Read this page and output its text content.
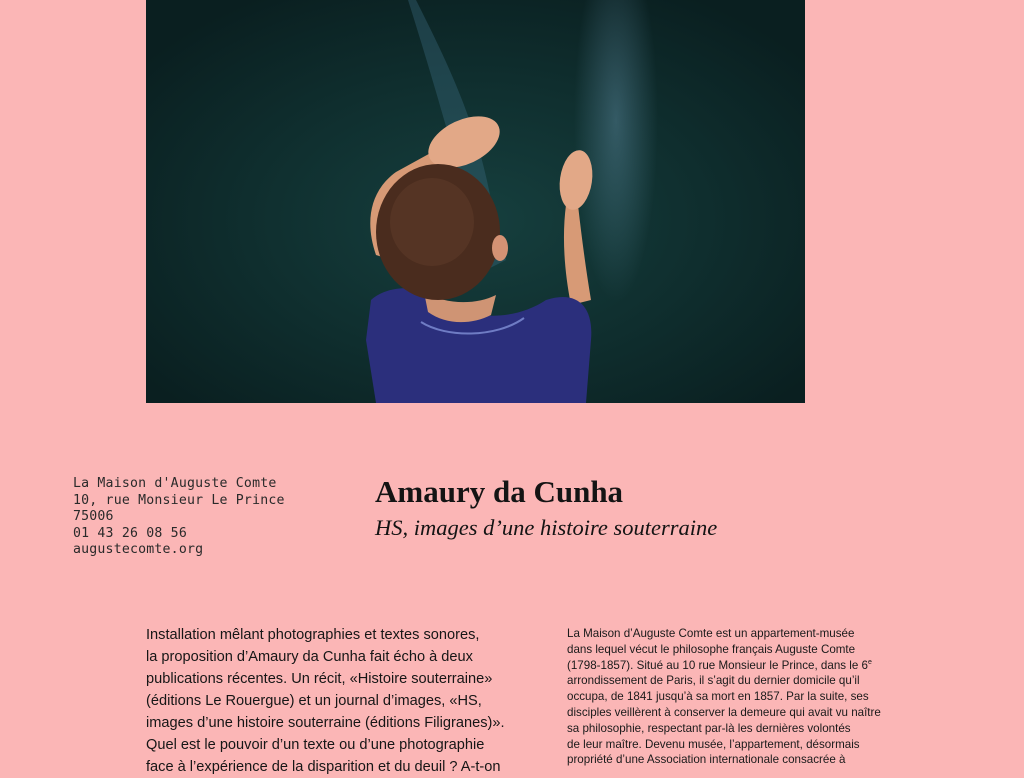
La Maison d'Auguste Comte
10, rue Monsieur Le Prince
75006
01 43 26 08 56
augustecomte.org
Amaury da Cunha
HS, images d’une histoire souterraine
Installation mêlant photographies et textes sonores,
la proposition d’Amaury da Cunha fait écho à deux
publications récentes. Un récit, «Histoire souterraine»
(éditions Le Rouergue) et un journal d’images, «HS,
images d’une histoire souterraine (éditions Filigranes)».
Quel est le pouvoir d’un texte ou d’une photographie
face à l’expérience de la disparition et du deuil ? A-t-on
La Maison d’Auguste Comte est un appartement-musée
dans lequel vécut le philosophe français Auguste Comte
(1798-1857). Situé au 10 rue Monsieur le Prince, dans le 6e
arrondissement de Paris, il s’agit du dernier domicile qu’il
occupa, de 1841 jusqu’à sa mort en 1857. Par la suite, ses
disciples veillèrent à conserver la demeure qui avait vu naître
sa philosophie, respectant par-là les dernières volontés
de leur maître. Devenu musée, l’appartement, désormais
propriété d’une Association internationale consacrée à
